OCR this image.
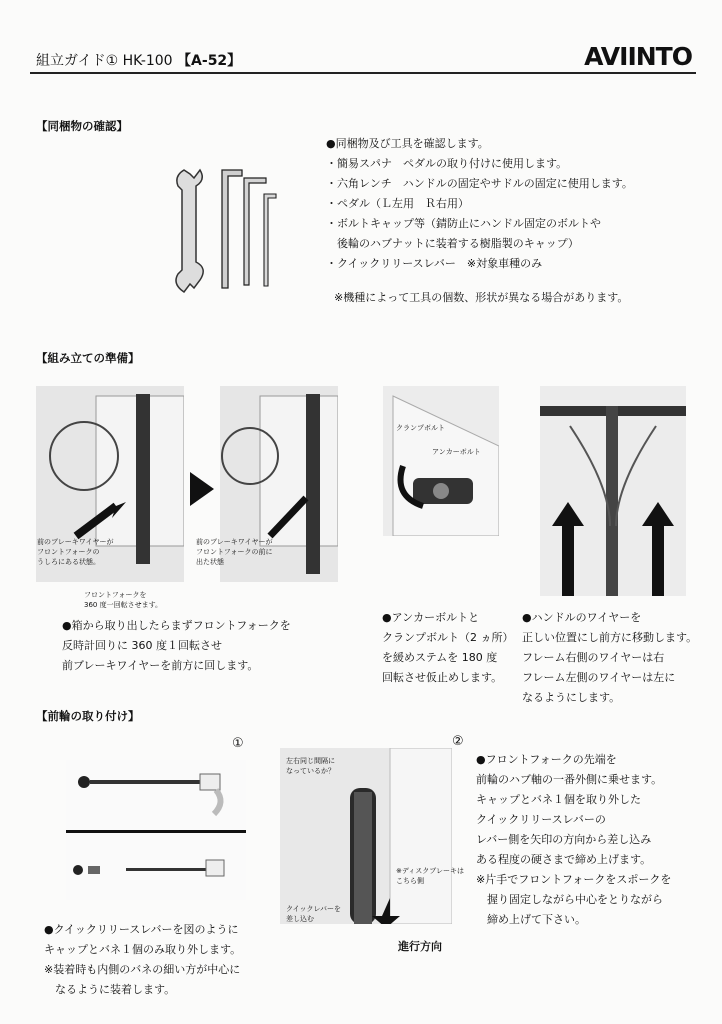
組立ガイド① HK-100 【A-52】	AVIINTO
【同梱物の確認】
●同梱物及び工具を確認します。
・簡易スパナ　ペダルの取り付けに使用します。
・六角レンチ　ハンドルの固定やサドルの固定に使用します。
・ペダル（Ｌ左用　Ｒ右用）
・ボルトキャップ等（錆防止にハンドル固定のボルトや
　後輪のハブナットに装着する樹脂製のキャップ）
・クイックリリースレバー　※対象車種のみ
※機種によって工具の個数、形状が異なる場合があります。
【組み立ての準備】
前のブレーキワイヤーが
フロントフォークの
うしろにある状態。
フロントフォークを
360 度一回転させます。
前のブレーキワイヤーが
フロントフォークの前に
出た状態
クランプボルト
アンカーボルト
●箱から取り出したらまずフロントフォークを
反時計回りに 360 度１回転させ
前ブレーキワイヤーを前方に回します。
●アンカーボルトと
クランプボルト（2 ヵ所）
を緩めステムを 180 度
回転させ仮止めします。
●ハンドルのワイヤーを
正しい位置にし前方に移動します。
フレーム右側のワイヤーは右
フレーム左側のワイヤーは左に
なるようにします。
【前輪の取り付け】
①	②
左右同じ間隔に
なっているか？
クイックレバーを
差し込む
※ディスクブレーキは
こちら側
進行方向
●クイックリリースレバーを図のように
キャップとバネ１個のみ取り外します。
※装着時も内側のバネの細い方が中心に
　なるように装着します。
●フロントフォークの先端を
前輪のハブ軸の一番外側に乗せます。
キャップとバネ１個を取り外した
クイックリリースレバーの
レバー側を矢印の方向から差し込み
ある程度の硬さまで締め上げます。
※片手でフロントフォークをスポークを
　握り固定しながら中心をとりながら
　締め上げて下さい。
